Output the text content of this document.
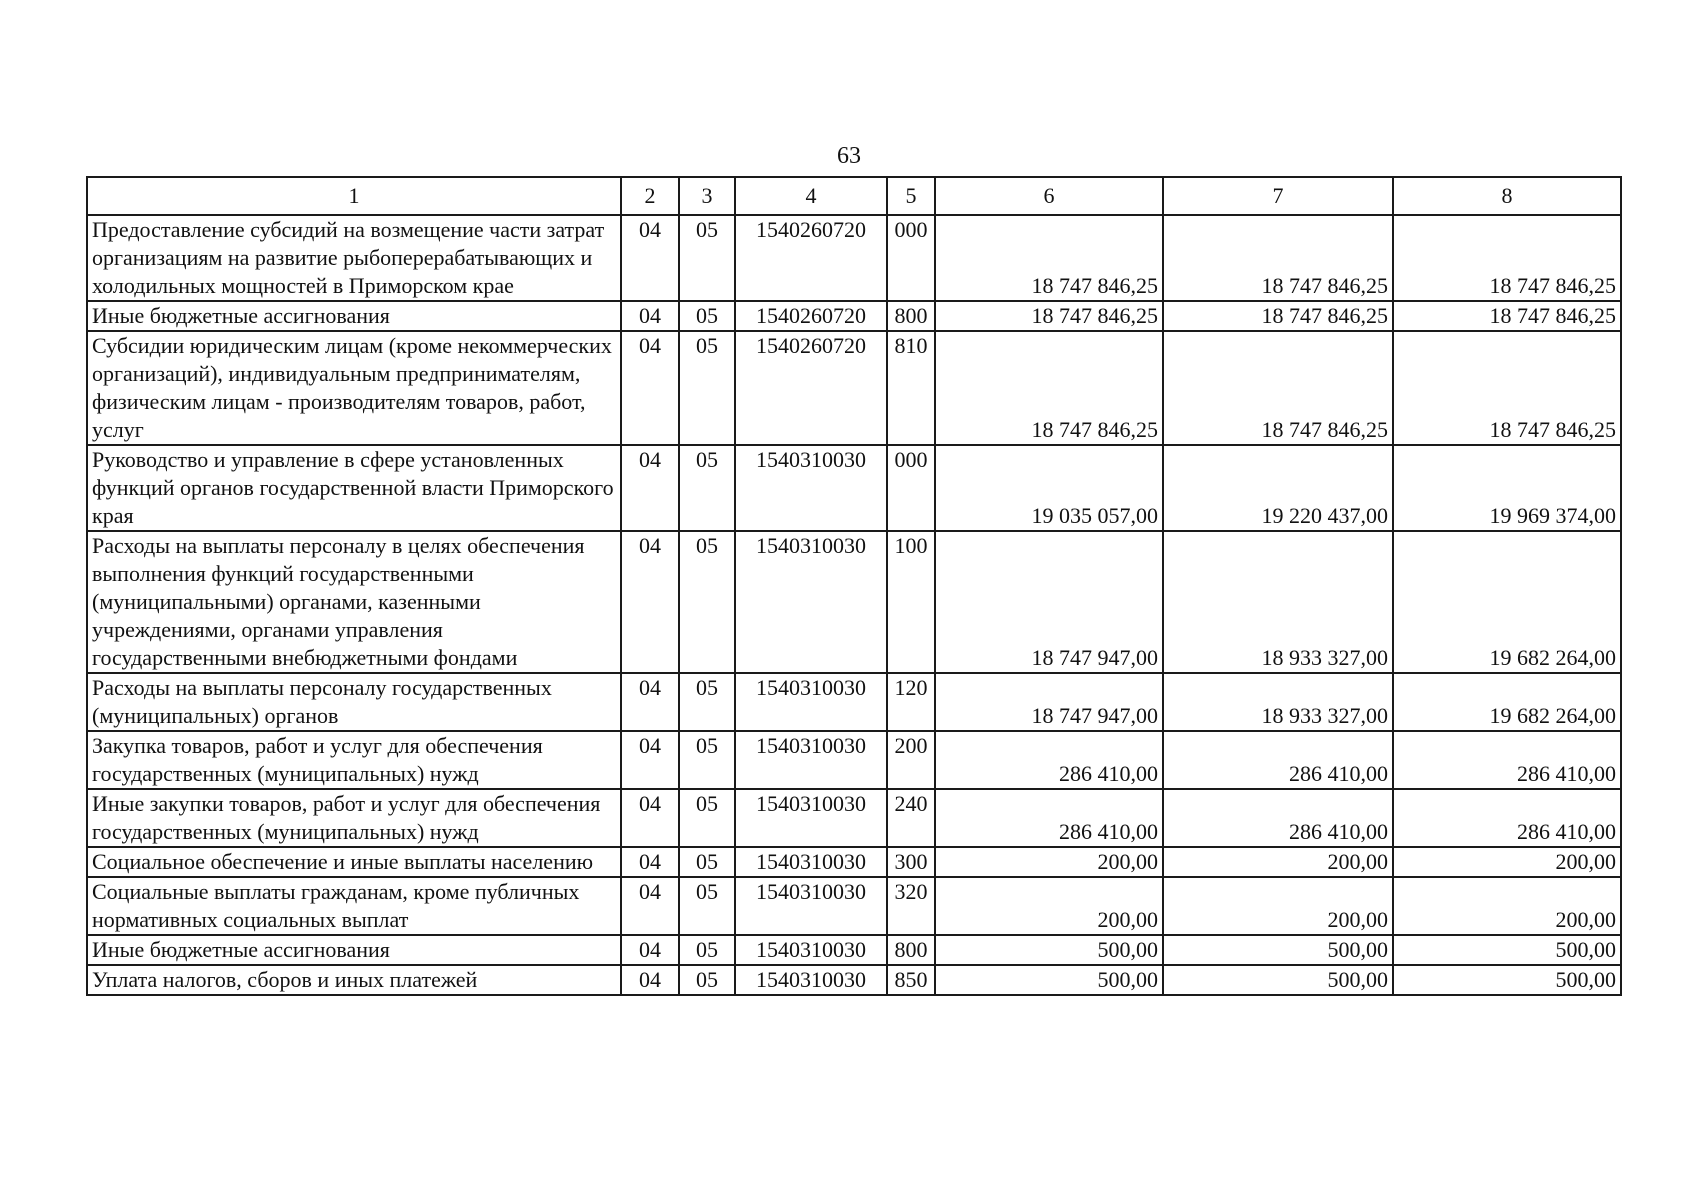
63
1	2	3	4	5	6	7	8
Предоставление субсидий на возмещение части затрат организациям на развитие рыбоперерабатывающих и холодильных мощностей в Приморском крае	04	05	1540260720	000	18 747 846,25	18 747 846,25	18 747 846,25
Иные бюджетные ассигнования	04	05	1540260720	800	18 747 846,25	18 747 846,25	18 747 846,25
Субсидии юридическим лицам (кроме некоммерческих организаций), индивидуальным предпринимателям, физическим лицам - производителям товаров, работ, услуг	04	05	1540260720	810	18 747 846,25	18 747 846,25	18 747 846,25
Руководство и управление в сфере установленных функций органов государственной власти Приморского края	04	05	1540310030	000	19 035 057,00	19 220 437,00	19 969 374,00
Расходы на выплаты персоналу в целях обеспечения выполнения функций государственными (муниципальными) органами, казенными учреждениями, органами управления государственными внебюджетными фондами	04	05	1540310030	100	18 747 947,00	18 933 327,00	19 682 264,00
Расходы на выплаты персоналу государственных (муниципальных) органов	04	05	1540310030	120	18 747 947,00	18 933 327,00	19 682 264,00
Закупка товаров, работ и услуг для обеспечения государственных (муниципальных) нужд	04	05	1540310030	200	286 410,00	286 410,00	286 410,00
Иные закупки товаров, работ и услуг для обеспечения государственных (муниципальных) нужд	04	05	1540310030	240	286 410,00	286 410,00	286 410,00
Социальное обеспечение и иные выплаты населению	04	05	1540310030	300	200,00	200,00	200,00
Социальные выплаты гражданам, кроме публичных нормативных социальных выплат	04	05	1540310030	320	200,00	200,00	200,00
Иные бюджетные ассигнования	04	05	1540310030	800	500,00	500,00	500,00
Уплата налогов, сборов и иных платежей	04	05	1540310030	850	500,00	500,00	500,00
